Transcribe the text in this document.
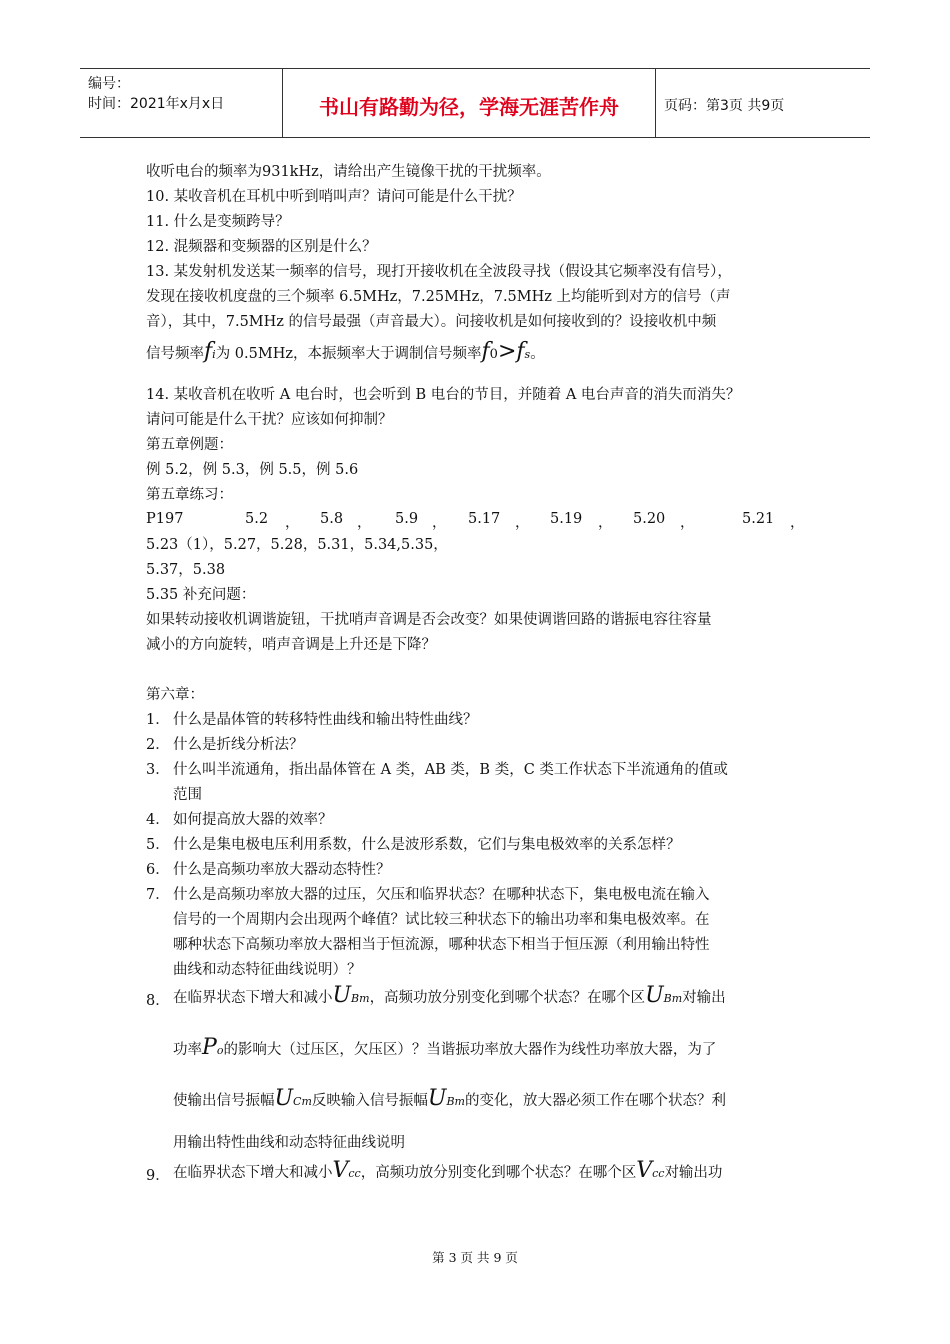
编号：
时间：2021年x月x日	书山有路勤为径，学海无涯苦作舟	页码：第3页 共9页
收听电台的频率为931kHz，请给出产生镜像干扰的干扰频率。
10. 某收音机在耳机中听到哨叫声？请问可能是什么干扰？
11. 什么是变频跨导？
12. 混频器和变频器的区别是什么？
13. 某发射机发送某一频率的信号，现打开接收机在全波段寻找（假设其它频率没有信号），
发现在接收机度盘的三个频率 6.5MHz，7.25MHz，7.5MHz 上均能听到对方的信号（声
音），其中，7.5MHz 的信号最强（声音最大）。问接收机是如何接收到的？设接收机中频
信号频率fi为 0.5MHz，本振频率大于调制信号频率f0>fs。
14. 某收音机在收听 A 电台时，也会听到 B 电台的节目，并随着 A 电台声音的消失而消失？
请问可能是什么干扰？应该如何抑制？
第五章例题：
例 5.2，例 5.3，例 5.5，例 5.6
第五章练习：
P197	5.2 ， 5.8 ， 5.9 ， 5.17 ， 5.19 ， 5.20 ，	5.21 ，
5.23（1），5.27，5.28，5.31，5.34,5.35，
5.37，5.38
5.35 补充问题：
如果转动接收机调谐旋钮，干扰哨声音调是否会改变？如果使调谐回路的谐振电容往容量
减小的方向旋转，哨声音调是上升还是下降？
第六章：
1． 什么是晶体管的转移特性曲线和输出特性曲线？
2． 什么是折线分析法？
3． 什么叫半流通角，指出晶体管在 A 类，AB 类，B 类，C 类工作状态下半流通角的值或
范围
4． 如何提高放大器的效率？
5． 什么是集电极电压利用系数，什么是波形系数，它们与集电极效率的关系怎样？
6． 什么是高频功率放大器动态特性？
7． 什么是高频功率放大器的过压，欠压和临界状态？在哪种状态下，集电极电流在输入
信号的一个周期内会出现两个峰值？试比较三种状态下的输出功率和集电极效率。在
哪种状态下高频功率放大器相当于恒流源，哪种状态下相当于恒压源（利用输出特性
曲线和动态特征曲线说明）？
8． 在临界状态下增大和减小UBm，高频功放分别变化到哪个状态？在哪个区UBm对输出
功率Po的影响大（过压区，欠压区）？当谐振功率放大器作为线性功率放大器，为了
使输出信号振幅UCm反映输入信号振幅UBm的变化，放大器必须工作在哪个状态？利
用输出特性曲线和动态特征曲线说明
9． 在临界状态下增大和减小Vcc，高频功放分别变化到哪个状态？在哪个区Vcc对输出功
第 3 页 共 9 页
